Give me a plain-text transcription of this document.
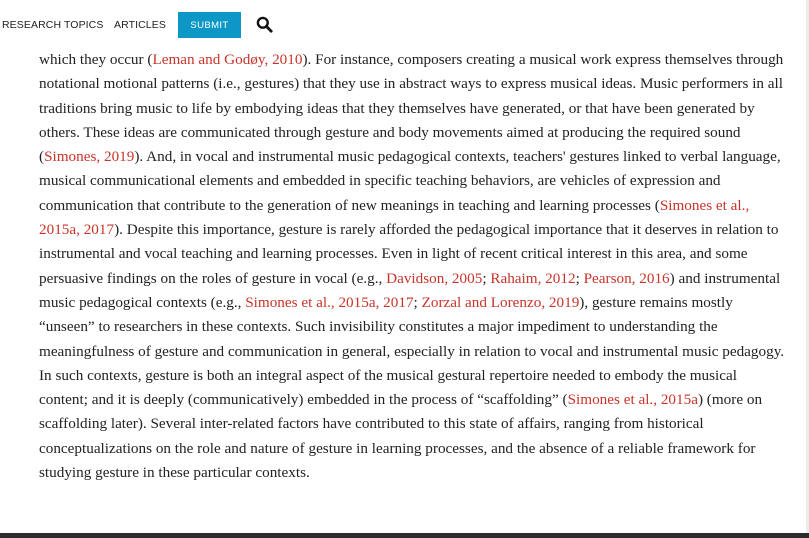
RESEARCH TOPICS ARTICLES	SUBMIT

which they occur (Leman and Godøy, 2010). For instance, composers creating a musical work express themselves through notational motional patterns (i.e., gestures) that they use in abstract ways to express musical ideas. Music performers in all traditions bring music to life by embodying ideas that they themselves have generated, or that have been generated by others. These ideas are communicated through gesture and body movements aimed at producing the required sound (Simones, 2019). And, in vocal and instrumental music pedagogical contexts, teachers' gestures linked to verbal language, musical communicational elements and embedded in specific teaching behaviors, are vehicles of expression and communication that contribute to the generation of new meanings in teaching and learning processes (Simones et al., 2015a, 2017). Despite this importance, gesture is rarely afforded the pedagogical importance that it deserves in relation to instrumental and vocal teaching and learning processes. Even in light of recent critical interest in this area, and some persuasive findings on the roles of gesture in vocal (e.g., Davidson, 2005; Rahaim, 2012; Pearson, 2016) and instrumental music pedagogical contexts (e.g., Simones et al., 2015a, 2017; Zorzal and Lorenzo, 2019), gesture remains mostly “unseen” to researchers in these contexts. Such invisibility constitutes a major impediment to understanding the meaningfulness of gesture and communication in general, especially in relation to vocal and instrumental music pedagogy. In such contexts, gesture is both an integral aspect of the musical gestural repertoire needed to embody the musical content; and it is deeply (communicatively) embedded in the process of “scaffolding” (Simones et al., 2015a) (more on scaffolding later). Several inter-related factors have contributed to this state of affairs, ranging from historical conceptualizations on the role and nature of gesture in learning processes, and the absence of a reliable framework for studying gesture in these particular contexts.
